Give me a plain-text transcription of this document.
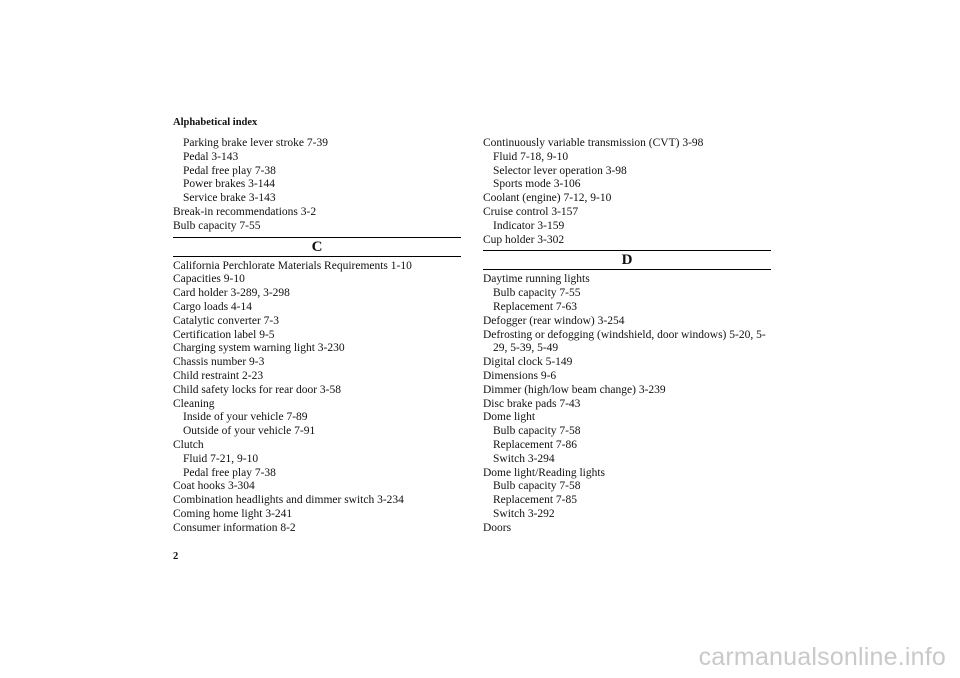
Alphabetical index
Parking brake lever stroke 7-39
Pedal 3-143
Pedal free play 7-38
Power brakes 3-144
Service brake 3-143
Break-in recommendations 3-2
Bulb capacity 7-55
C
California Perchlorate Materials Requirements 1-10
Capacities 9-10
Card holder 3-289, 3-298
Cargo loads 4-14
Catalytic converter 7-3
Certification label 9-5
Charging system warning light 3-230
Chassis number 9-3
Child restraint 2-23
Child safety locks for rear door 3-58
Cleaning
Inside of your vehicle 7-89
Outside of your vehicle 7-91
Clutch
Fluid 7-21, 9-10
Pedal free play 7-38
Coat hooks 3-304
Combination headlights and dimmer switch 3-234
Coming home light 3-241
Consumer information 8-2
Continuously variable transmission (CVT) 3-98
Fluid 7-18, 9-10
Selector lever operation 3-98
Sports mode 3-106
Coolant (engine) 7-12, 9-10
Cruise control 3-157
Indicator 3-159
Cup holder 3-302
D
Daytime running lights
Bulb capacity 7-55
Replacement 7-63
Defogger (rear window) 3-254
Defrosting or defogging (windshield, door windows) 5-20, 5-29, 5-39, 5-49
Digital clock 5-149
Dimensions 9-6
Dimmer (high/low beam change) 3-239
Disc brake pads 7-43
Dome light
Bulb capacity 7-58
Replacement 7-86
Switch 3-294
Dome light/Reading lights
Bulb capacity 7-58
Replacement 7-85
Switch 3-292
Doors
2
carmanualsonline.info
